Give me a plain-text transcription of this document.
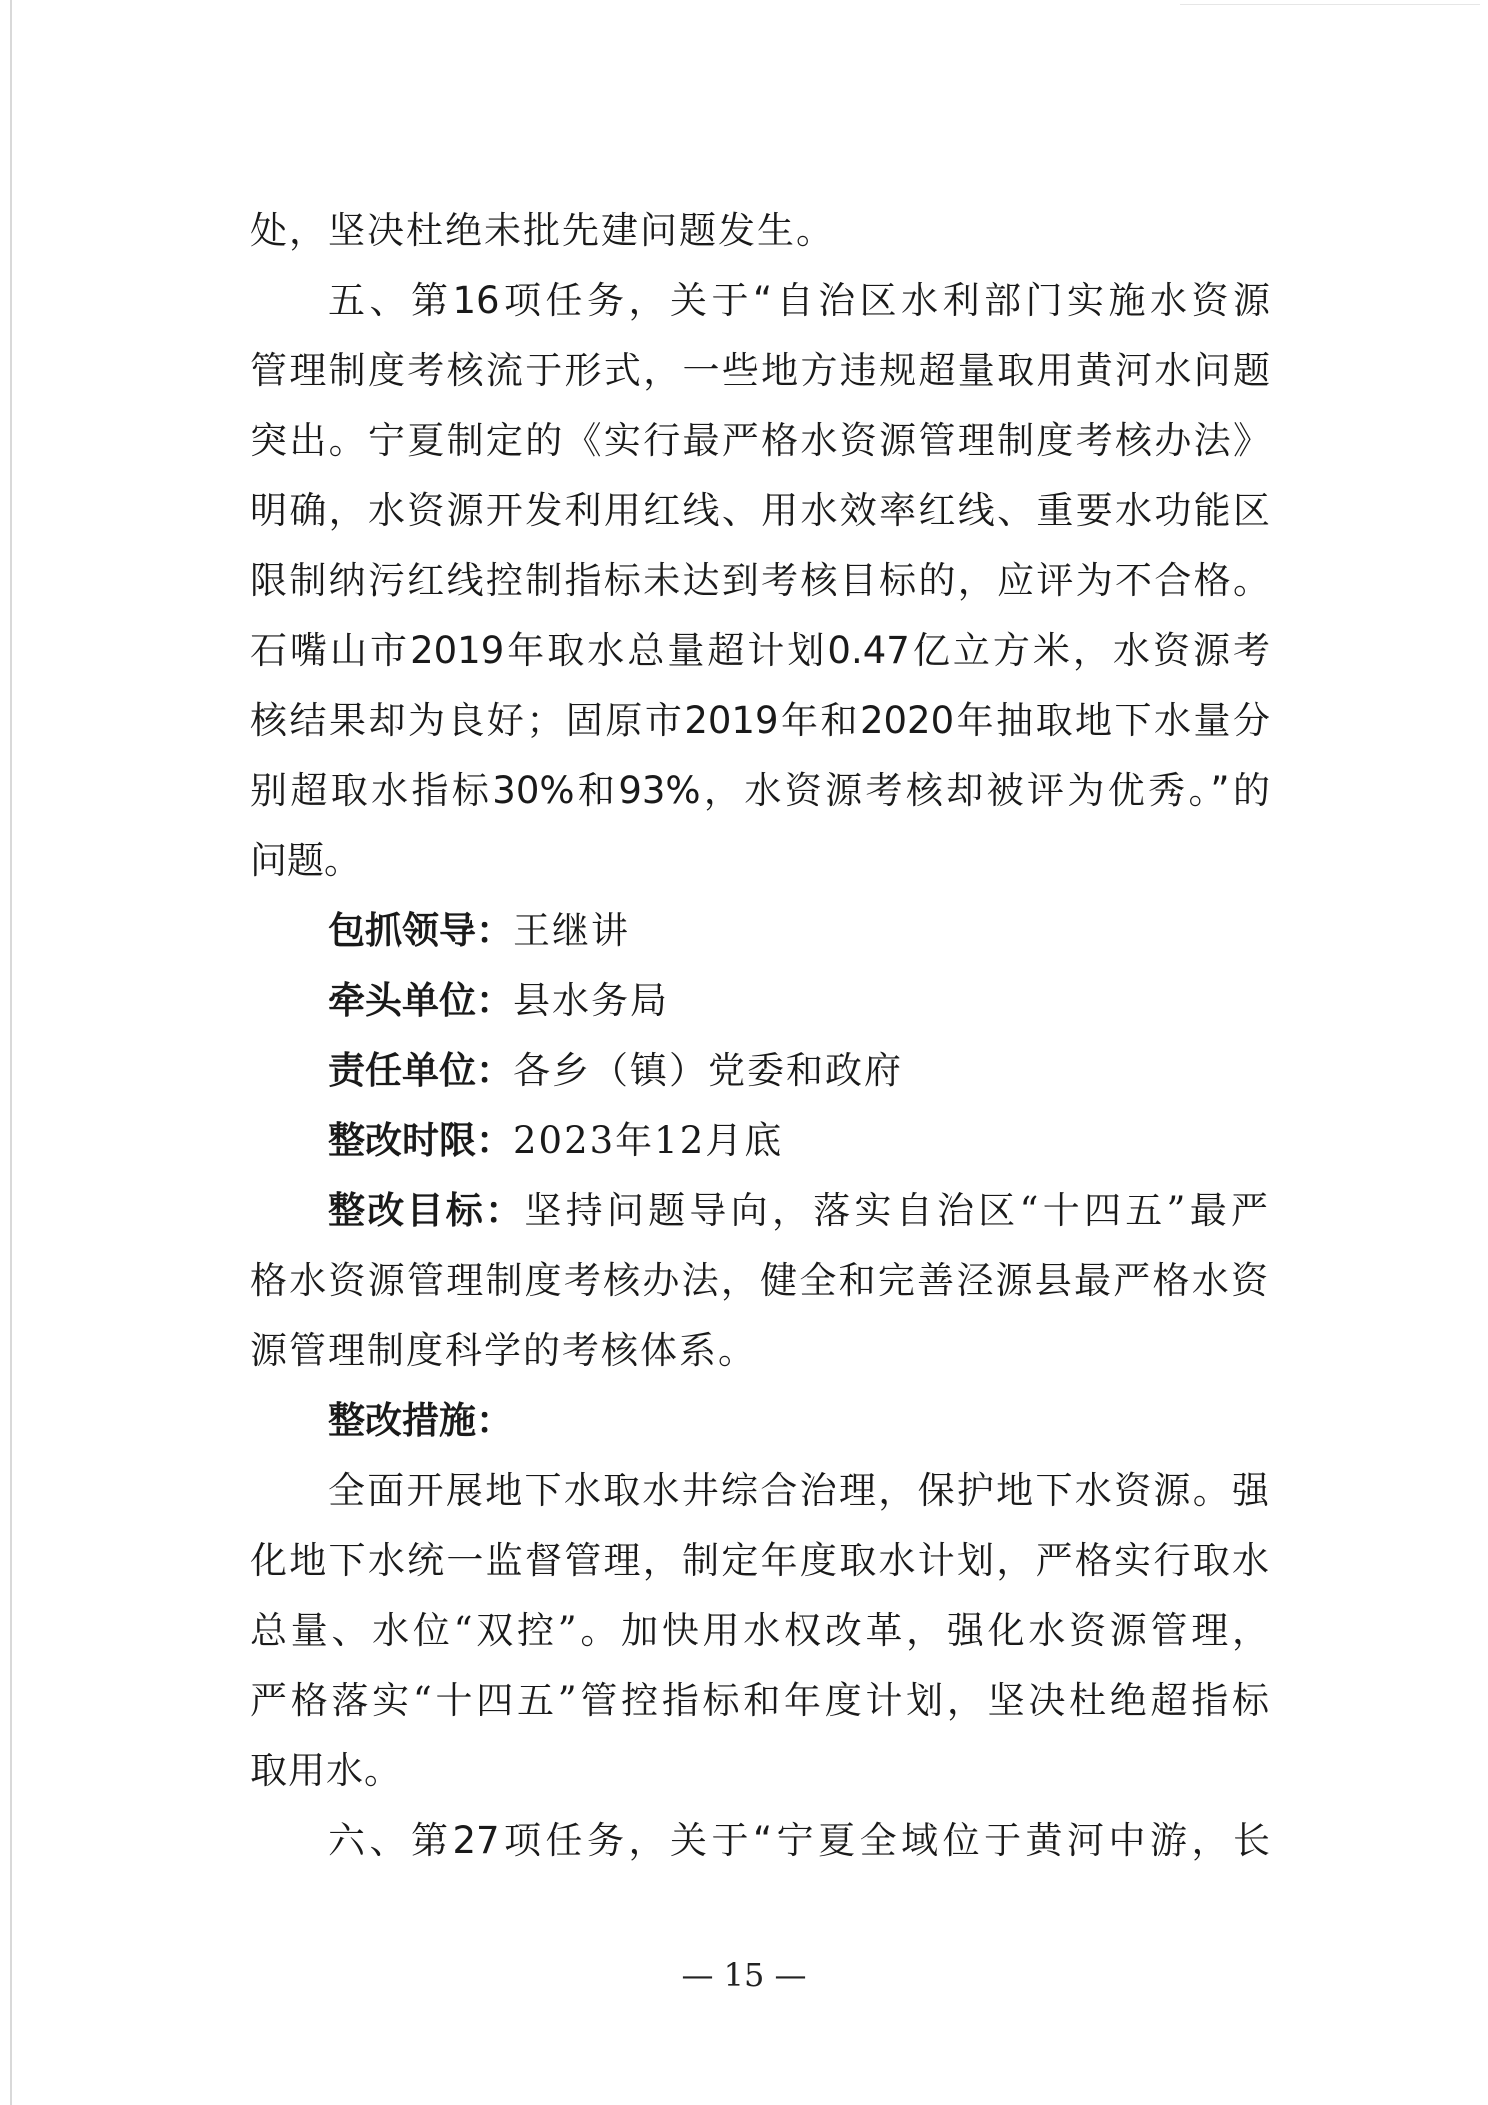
处，坚决杜绝未批先建问题发生。
五、第16项任务，关于“自治区水利部门实施水资源
管理制度考核流于形式，一些地方违规超量取用黄河水问题
突出。宁夏制定的《实行最严格水资源管理制度考核办法》
明确，水资源开发利用红线、用水效率红线、重要水功能区
限制纳污红线控制指标未达到考核目标的，应评为不合格。
石嘴山市2019年取水总量超计划0.47亿立方米，水资源考
核结果却为良好；固原市2019年和2020年抽取地下水量分
别超取水指标30%和93%，水资源考核却被评为优秀。”的
问题。
包抓领导：王继讲
牵头单位：县水务局
责任单位：各乡（镇）党委和政府
整改时限：2023年12月底
整改目标：坚持问题导向，落实自治区“十四五”最严
格水资源管理制度考核办法，健全和完善泾源县最严格水资
源管理制度科学的考核体系。
整改措施：
全面开展地下水取水井综合治理，保护地下水资源。强
化地下水统一监督管理，制定年度取水计划，严格实行取水
总量、水位“双控”。加快用水权改革，强化水资源管理，
严格落实“十四五”管控指标和年度计划，坚决杜绝超指标
取用水。
六、第27项任务，关于“宁夏全域位于黄河中游，长
— 15 —
